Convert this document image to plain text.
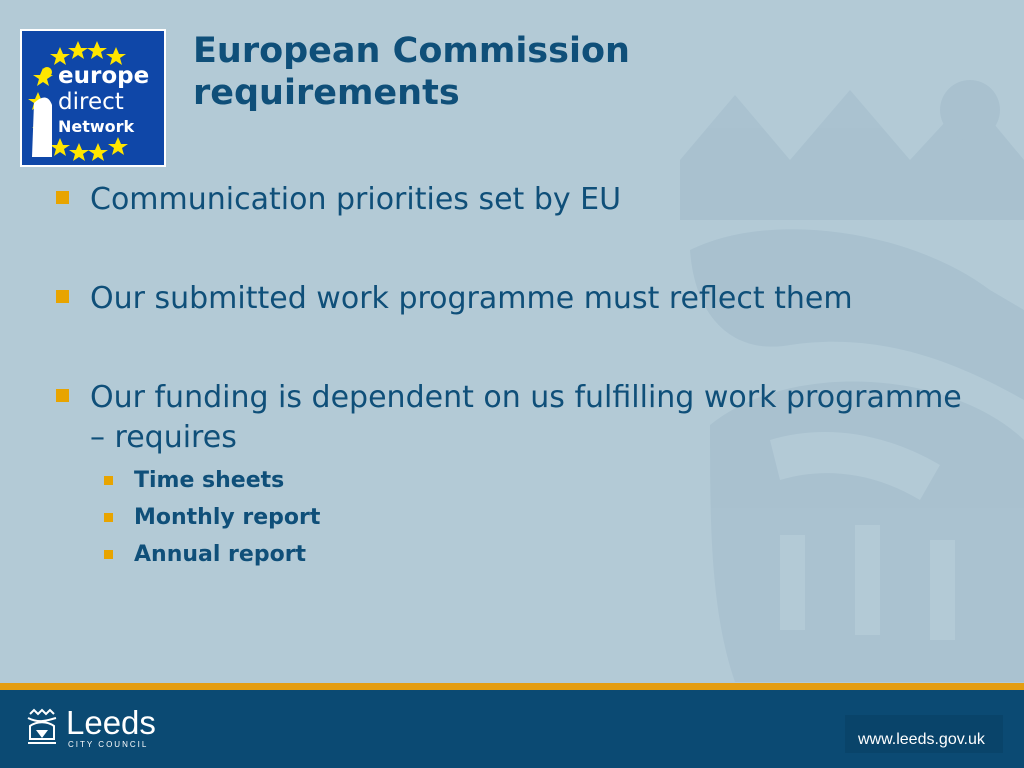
europe
direct
Network
European Commission
requirements
Communication priorities set by EU
Our submitted work programme must reflect them
Our funding is dependent on us fulfilling work programme – requires
Time sheets
Monthly report
Annual report
Leeds
CITY COUNCIL	www.leeds.gov.uk
